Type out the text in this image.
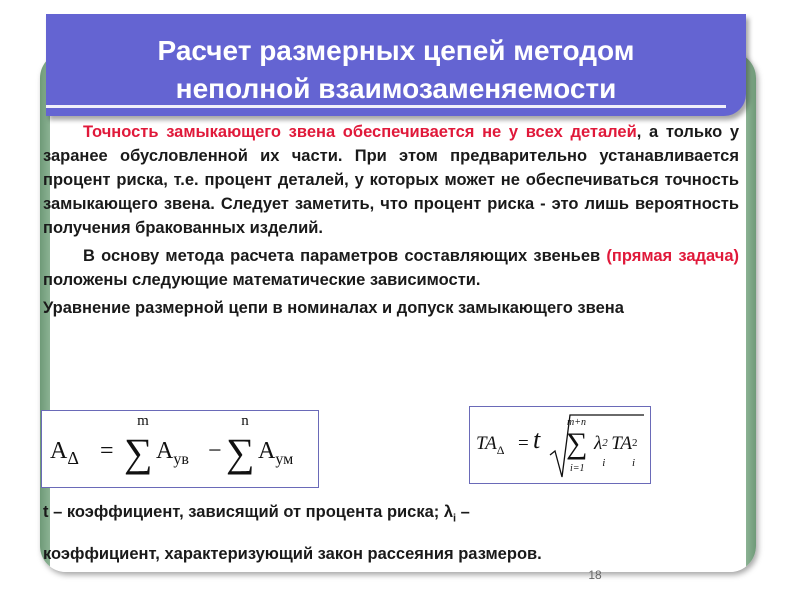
Расчет размерных цепей методом
неполной взаимозаменяемости

Точность замыкающего звена обеспечивается не у всех деталей, а только у заранее обусловленной их части. При этом предварительно устанавливается процент риска, т.е. процент деталей, у которых может не обеспечиваться точность замыкающего звена. Следует заметить, что процент риска - это лишь вероятность получения бракованных изделий.

В основу метода расчета параметров составляющих звеньев (прямая задача) положены следующие математические зависимости.

Уравнение размерной цепи в номиналах и допуск замыкающего звена

$A_\Delta$ =
m
∑ $A_{ув}$ −
n
∑ $A_{ум}$
$TA_\Delta = t$
m+n
∑
i=1
λ 2
i
TA 2
i
t – коэффициент, зависящий от процента риска; $\lambda_i$ –
коэффициент, характеризующий закон рассеяния размеров.
18
